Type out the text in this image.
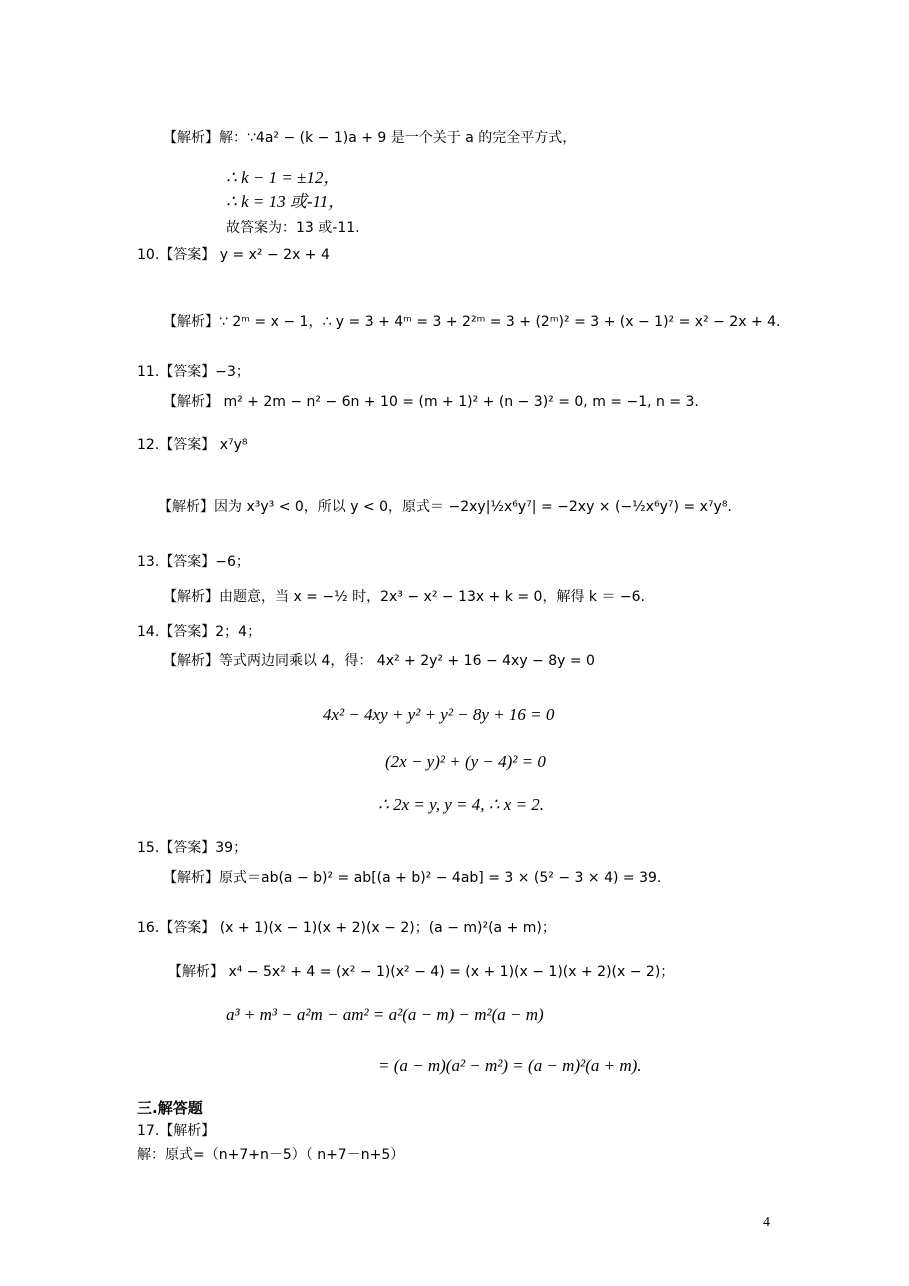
【解析】解：∵4a² − (k − 1)a + 9 是一个关于 a 的完全平方式，
∴ k − 1 = ±12，
∴ k = 13 或-11，
故答案为：13 或-11.
10.【答案】 y = x² − 2x + 4
【解析】∵ 2ᵐ = x − 1，∴ y = 3 + 4ᵐ = 3 + 2²ᵐ = 3 + (2ᵐ)² = 3 + (x − 1)² = x² − 2x + 4.
11.【答案】−3；
【解析】 m² + 2m − n² − 6n + 10 = (m + 1)² + (n − 3)² = 0, m = −1, n = 3.
12.【答案】 x⁷y⁸
【解析】因为 x³y³ < 0，所以 y < 0，原式＝ −2xy|½x⁶y⁷| = −2xy × (−½x⁶y⁷) = x⁷y⁸.
13.【答案】−6；
【解析】由题意，当 x = −½ 时，2x³ − x² − 13x + k = 0，解得 k ＝ −6.
14.【答案】2；4；
【解析】等式两边同乘以 4，得： 4x² + 2y² + 16 − 4xy − 8y = 0
4x² − 4xy + y² + y² − 8y + 16 = 0
(2x − y)² + (y − 4)² = 0
∴ 2x = y, y = 4, ∴ x = 2.
15.【答案】39；
【解析】原式＝ab(a − b)² = ab[(a + b)² − 4ab] = 3 × (5² − 3 × 4) = 39.
16.【答案】 (x + 1)(x − 1)(x + 2)(x − 2)；(a − m)²(a + m)；
【解析】 x⁴ − 5x² + 4 = (x² − 1)(x² − 4) = (x + 1)(x − 1)(x + 2)(x − 2)；
a³ + m³ − a²m − am² = a²(a − m) − m²(a − m)
= (a − m)(a² − m²) = (a − m)²(a + m).
三.解答题
17.【解析】
解：原式=（n+7+n－5）（ n+7－n+5）
4
